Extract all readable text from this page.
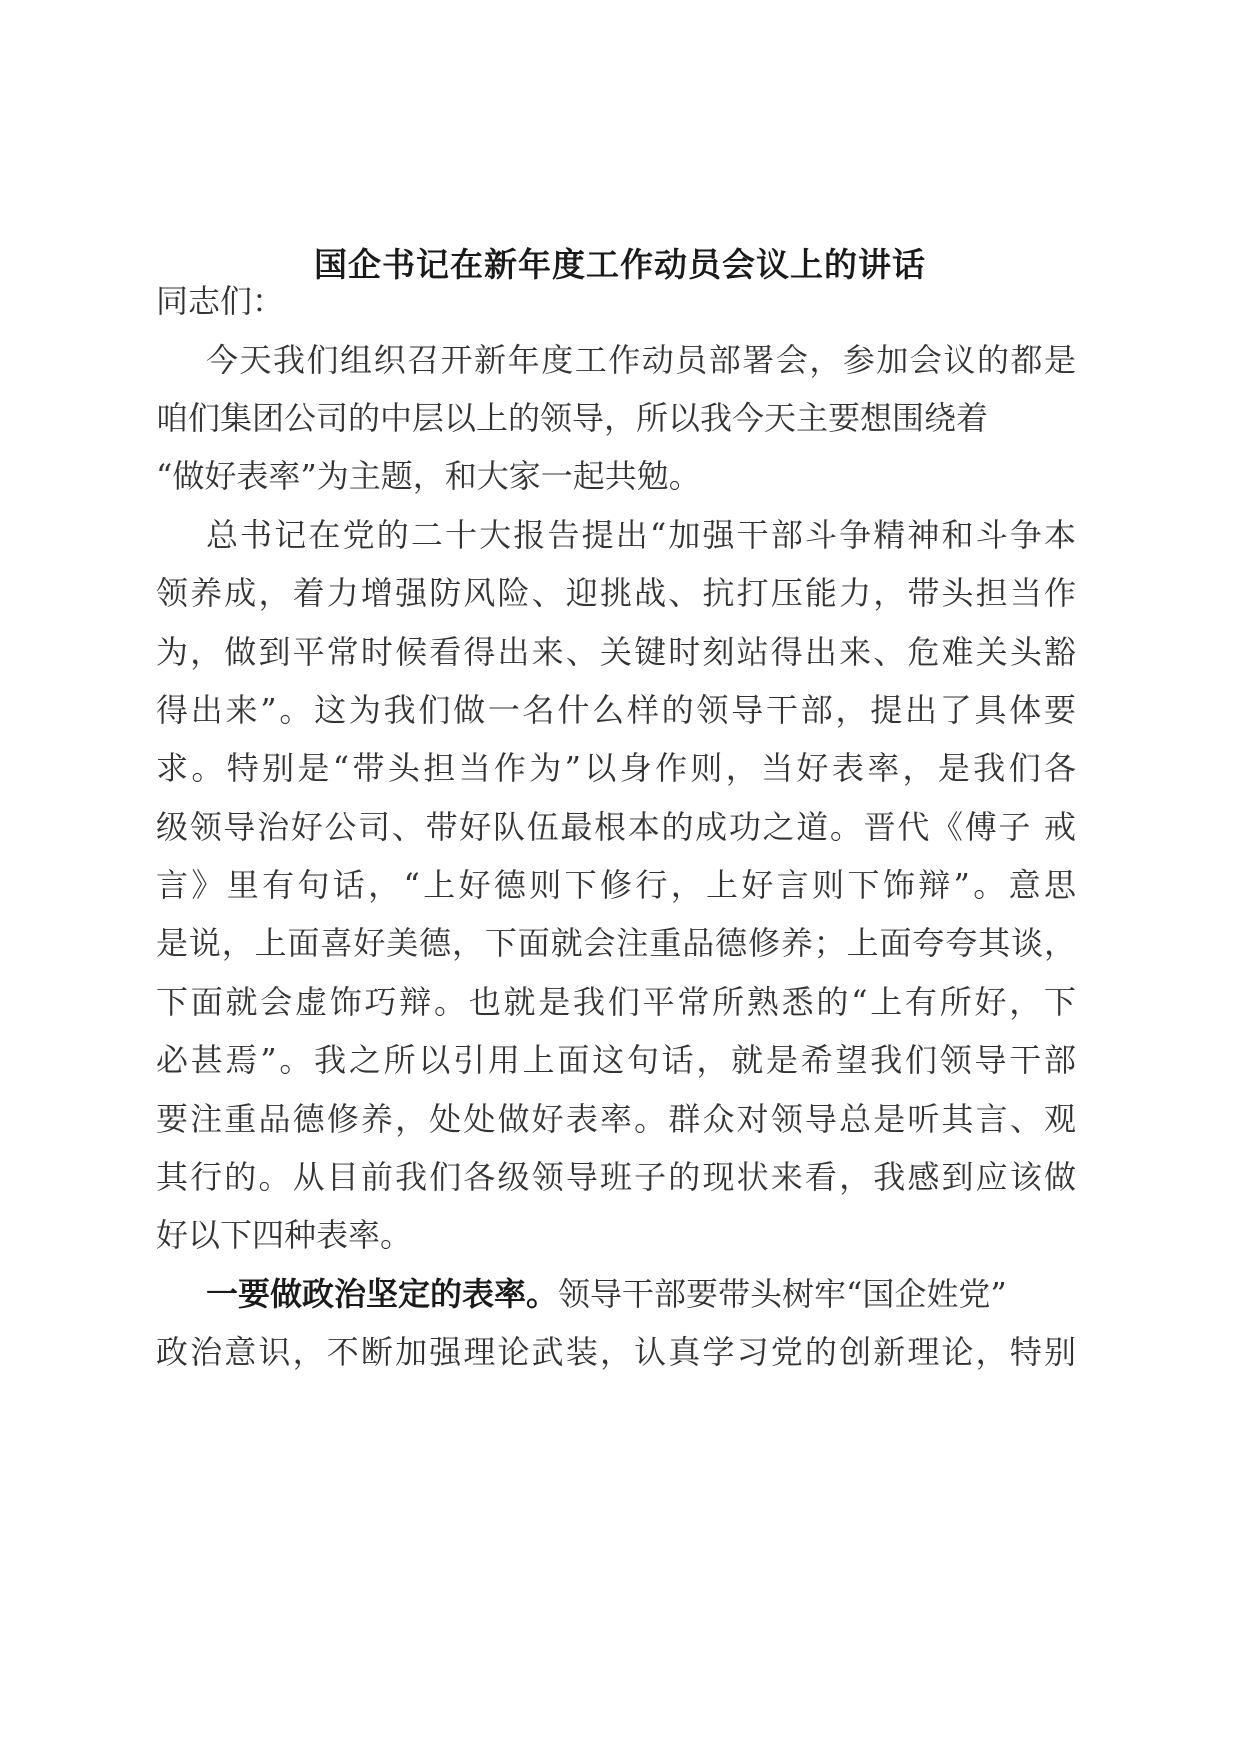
国企书记在新年度工作动员会议上的讲话
同志们：
今天我们组织召开新年度工作动员部署会，参加会议的都是
咱们集团公司的中层以上的领导，所以我今天主要想围绕着
“做好表率”为主题，和大家一起共勉。
总书记在党的二十大报告提出“加强干部斗争精神和斗争本
领养成，着力增强防风险、迎挑战、抗打压能力，带头担当作
为，做到平常时候看得出来、关键时刻站得出来、危难关头豁
得出来”。这为我们做一名什么样的领导干部，提出了具体要
求。特别是“带头担当作为”以身作则，当好表率，是我们各
级领导治好公司、带好队伍最根本的成功之道。晋代《傅子 戒
言》里有句话，“上好德则下修行，上好言则下饰辩”。意思
是说，上面喜好美德，下面就会注重品德修养；上面夸夸其谈，
下面就会虚饰巧辩。也就是我们平常所熟悉的“上有所好，下
必甚焉”。我之所以引用上面这句话，就是希望我们领导干部
要注重品德修养，处处做好表率。群众对领导总是听其言、观
其行的。从目前我们各级领导班子的现状来看，我感到应该做
好以下四种表率。
一要做政治坚定的表率。领导干部要带头树牢“国企姓党”
政治意识，不断加强理论武装，认真学习党的创新理论，特别
